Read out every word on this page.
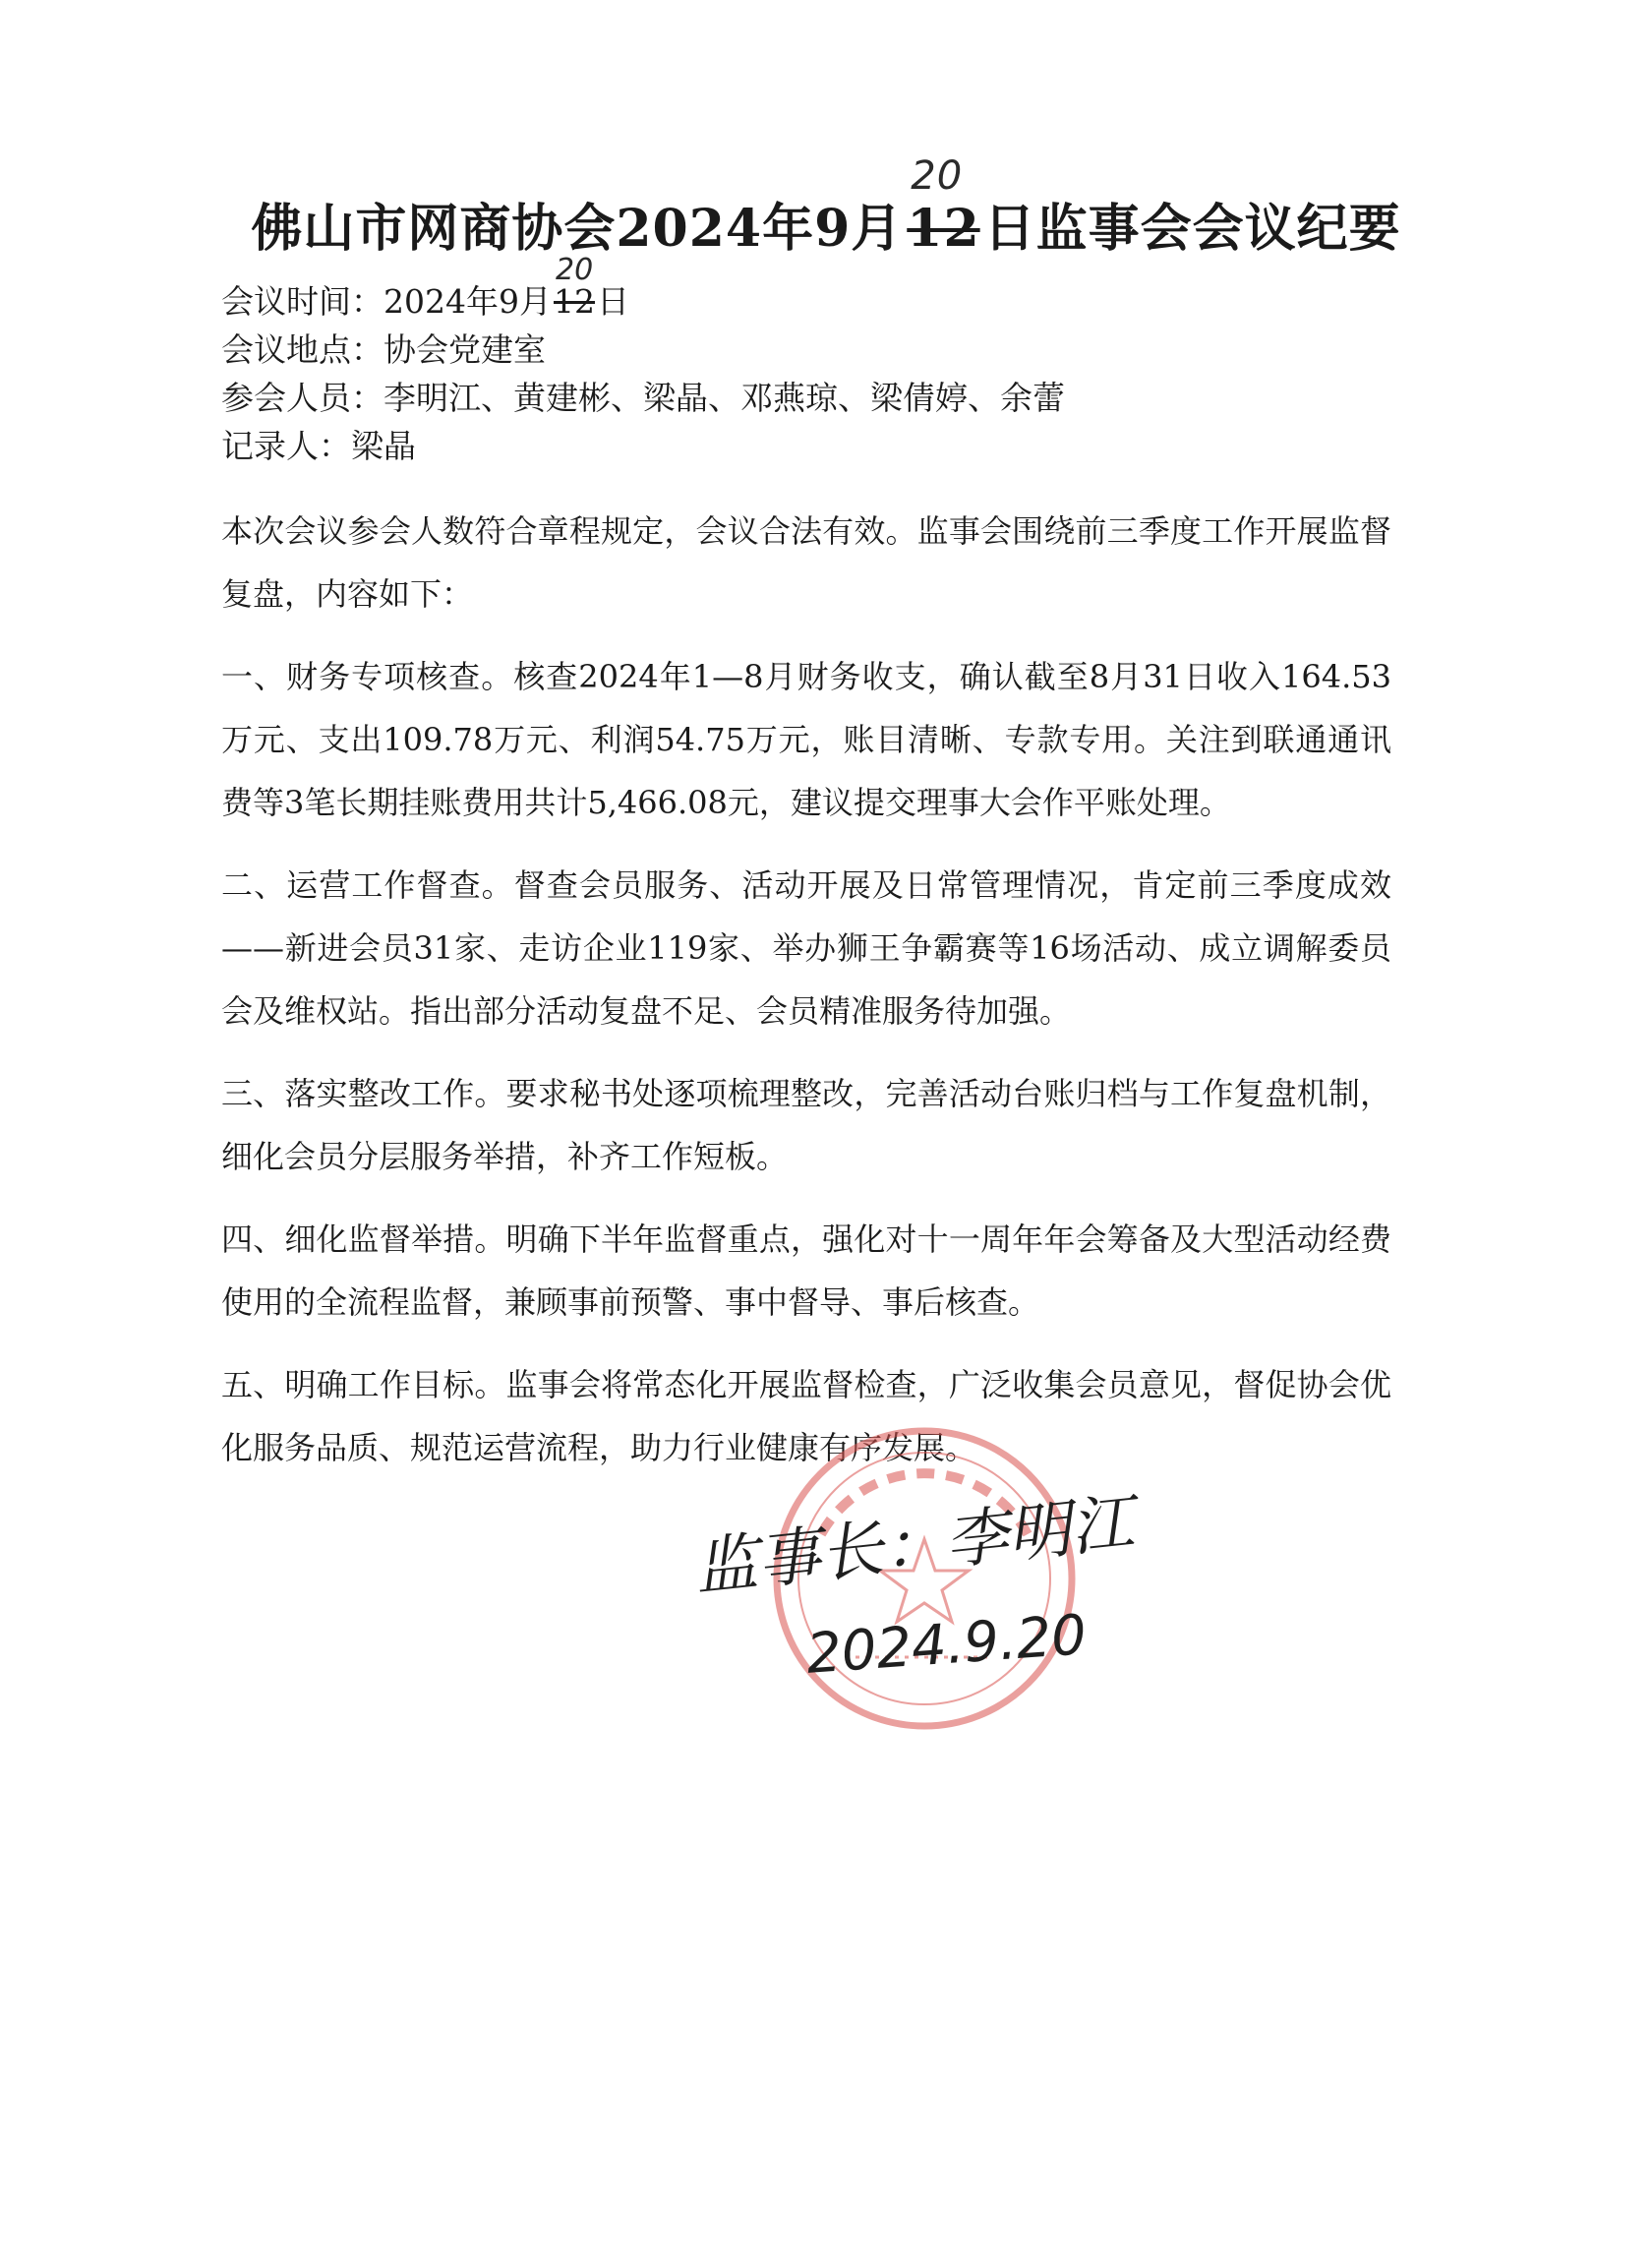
佛山市网商协会2024年9月12
20
日监事会会议纪要
会议时间：2024年9月12
20
日
会议地点：协会党建室
参会人员：李明江、黄建彬、梁晶、邓燕琼、梁倩婷、余蕾
记录人：梁晶

本次会议参会人数符合章程规定，会议合法有效。监事会围绕前三季度工作开展监督复盘，内容如下：

一、财务专项核查。核查2024年1—8月财务收支，确认截至8月31日收入164.53万元、支出109.78万元、利润54.75万元，账目清晰、专款专用。关注到联通通讯费等3笔长期挂账费用共计5,466.08元，建议提交理事大会作平账处理。

二、运营工作督查。督查会员服务、活动开展及日常管理情况，肯定前三季度成效——新进会员31家、走访企业119家、举办狮王争霸赛等16场活动、成立调解委员会及维权站。指出部分活动复盘不足、会员精准服务待加强。

三、落实整改工作。要求秘书处逐项梳理整改，完善活动台账归档与工作复盘机制，细化会员分层服务举措，补齐工作短板。

四、细化监督举措。明确下半年监督重点，强化对十一周年年会筹备及大型活动经费使用的全流程监督，兼顾事前预警、事中督导、事后核查。

五、明确工作目标。监事会将常态化开展监督检查，广泛收集会员意见，督促协会优化服务品质、规范运营流程，助力行业健康有序发展。

监事长：李明江
2024.9.20
